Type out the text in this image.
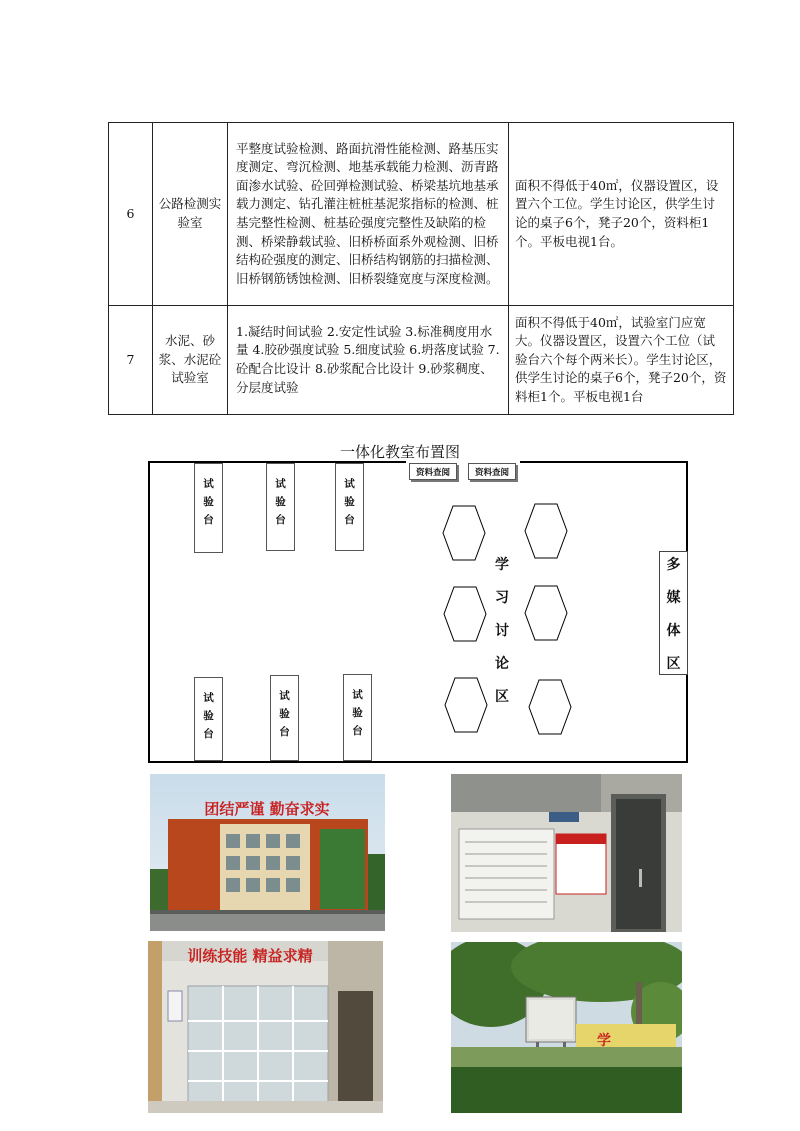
6	公路检测实验室	平整度试验检测、路面抗滑性能检测、路基压实度测定、弯沉检测、地基承载能力检测、沥青路面渗水试验、砼回弹检测试验、桥梁基坑地基承载力测定、钻孔灌注桩桩基泥浆指标的检测、桩基完整性检测、桩基砼强度完整性及缺陷的检测、桥梁静载试验、旧桥桥面系外观检测、旧桥结构砼强度的测定、旧桥结构钢筋的扫描检测、旧桥钢筋锈蚀检测、旧桥裂缝宽度与深度检测。	面积不得低于40㎡，仪器设置区，设置六个工位。学生讨论区，供学生讨论的桌子6个，凳子20个，资料柜1个。平板电视1台。
7	水泥、砂浆、水泥砼试验室	1.凝结时间试验 2.安定性试验 3.标准稠度用水量 4.胶砂强度试验 5.细度试验 6.坍落度试验 7.砼配合比设计 8.砂浆配合比设计 9.砂浆稠度、分层度试验	面积不得低于40㎡，试验室门应宽大。仪器设置区，设置六个工位（试验台六个每个两米长）。学生讨论区，供学生讨论的桌子6个，凳子20个，资料柜1个。平板电视1台
一体化教室布置图
试
验
台
试
验
台
试
验
台
试
验
台
试
验
台
试
验
台
资料查阅	资料查阅
学
习
讨
论
区
多
媒
体
区
团结严谨 勤奋求实
训练技能 精益求精
学
